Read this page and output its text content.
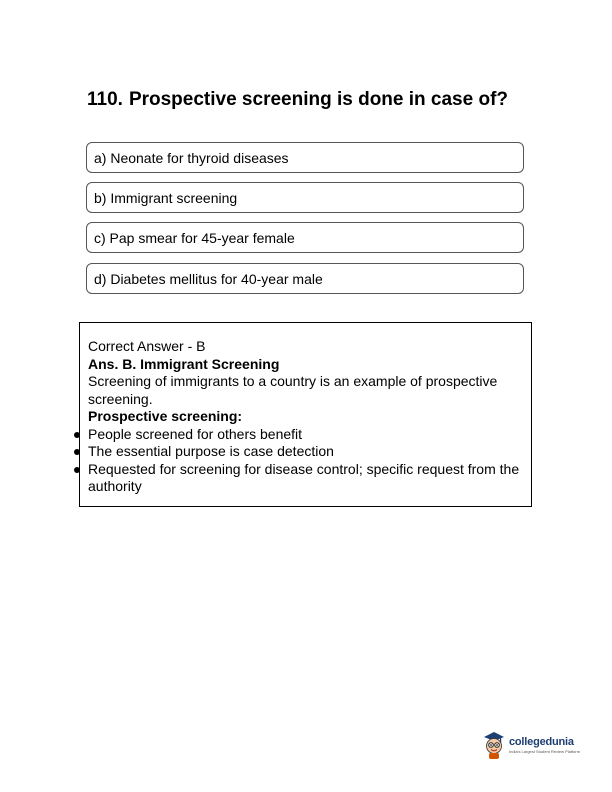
110. Prospective screening is done in case of?
a) Neonate for thyroid diseases
b) Immigrant screening
c) Pap smear for 45-year female
d) Diabetes mellitus for 40-year male
Correct Answer - B
Ans. B. Immigrant Screening
Screening of immigrants to a country is an example of prospective screening.
Prospective screening:
People screened for others benefit
The essential purpose is case detection
Requested for screening for disease control; specific request from the authority
collegedunia
India's Largest Student Review Platform
